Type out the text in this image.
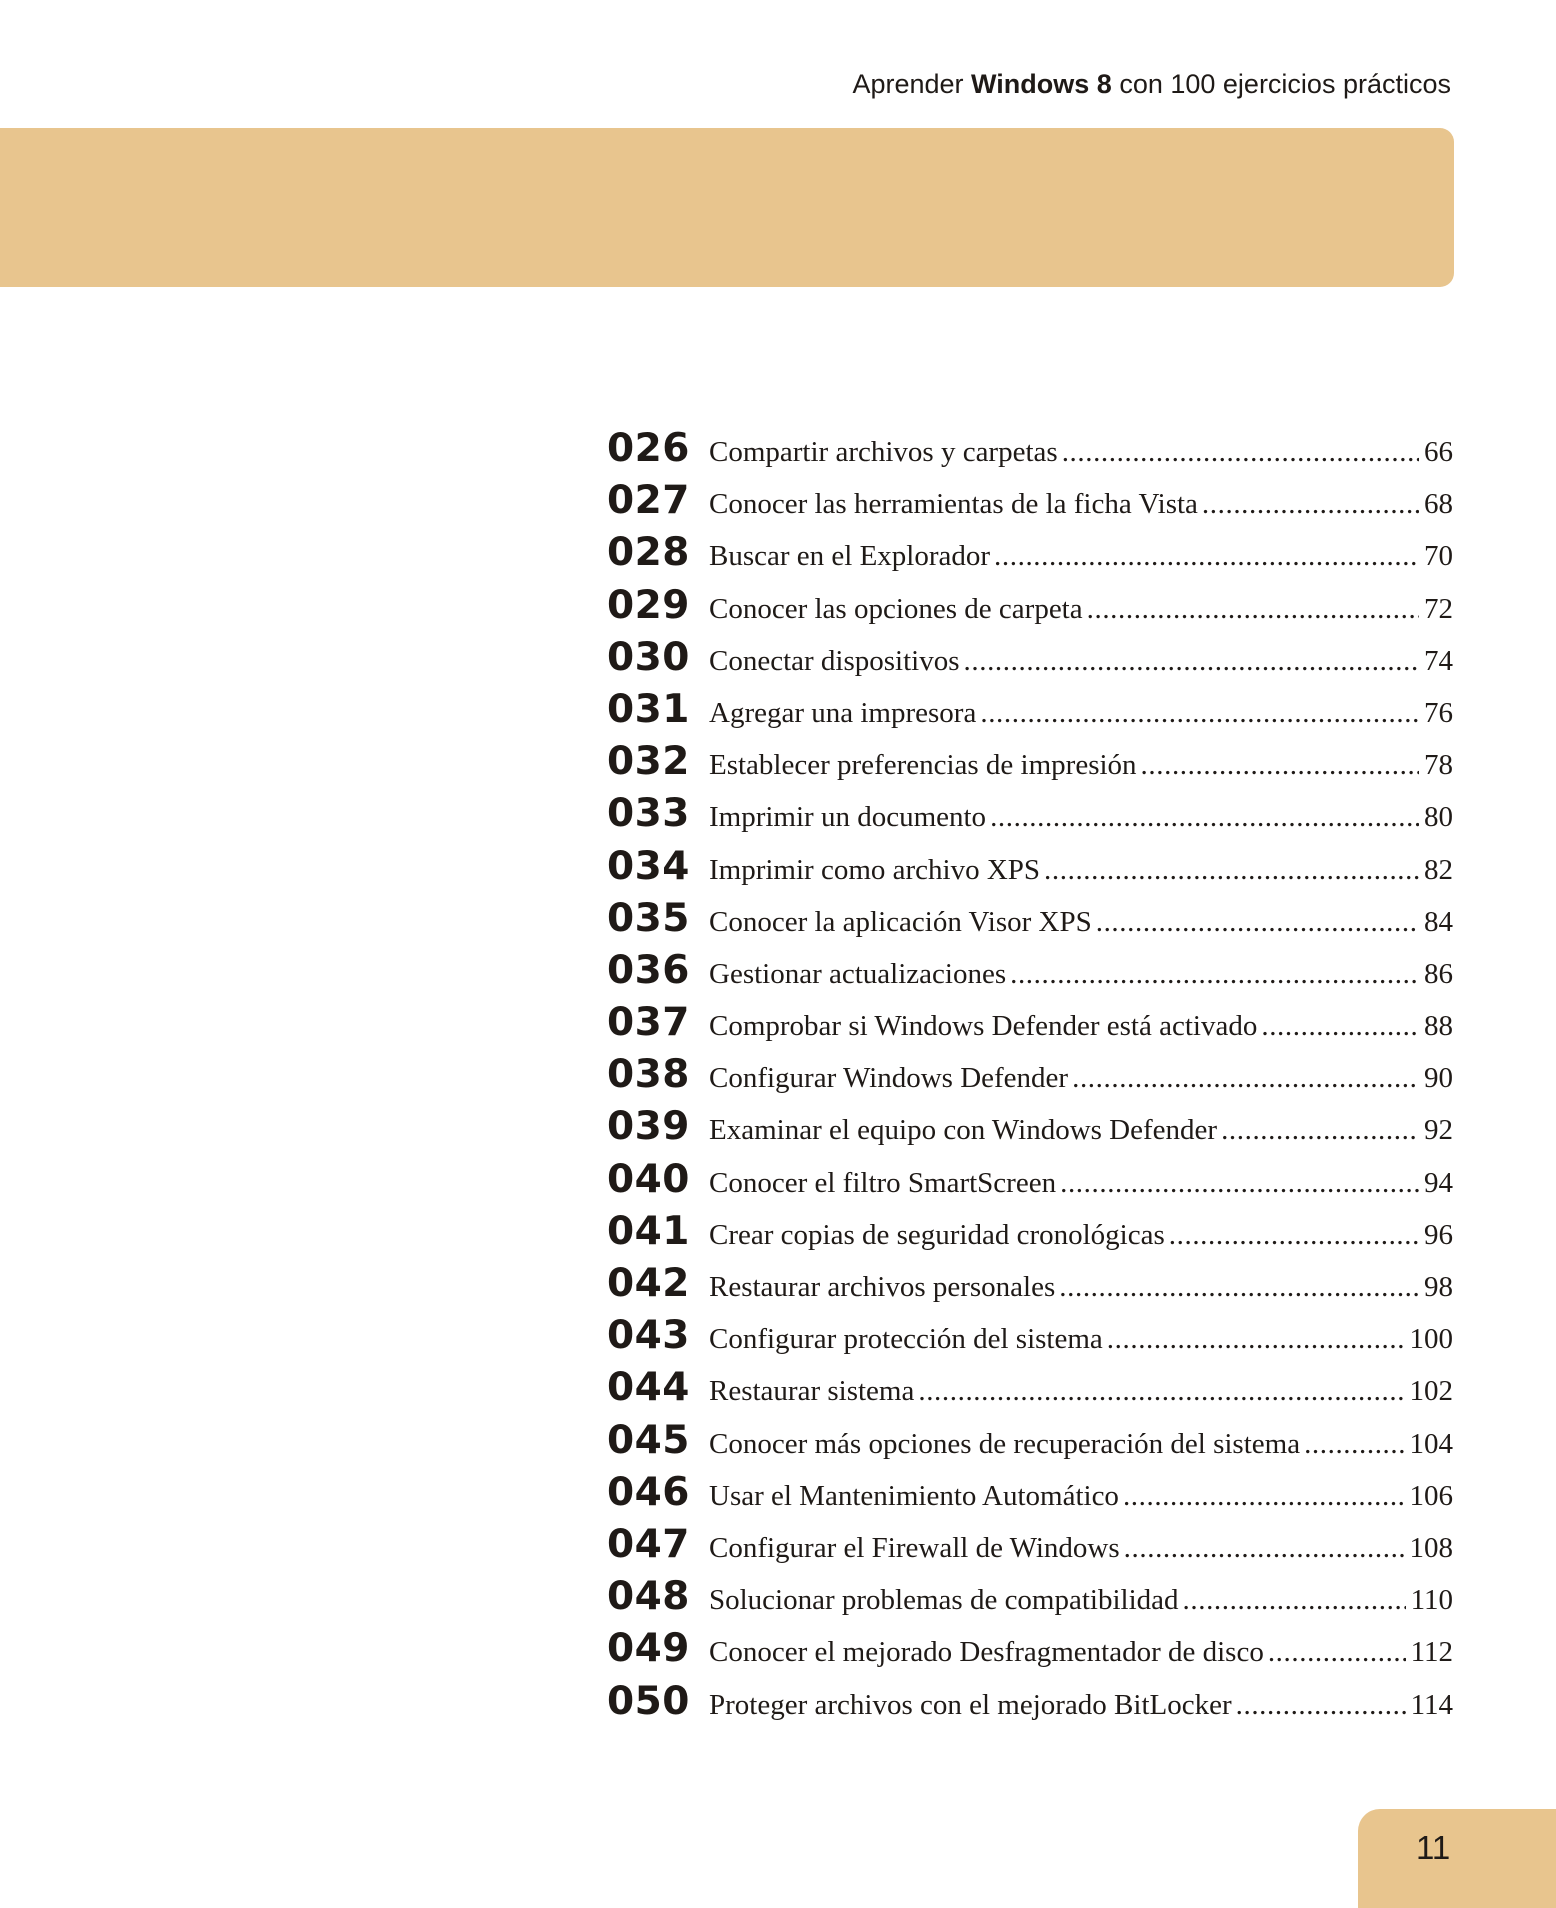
Aprender Windows 8 con 100 ejercicios prácticos
026 Compartir archivos y carpetas .....	66
027 Conocer las herramientas de la ficha Vista .....	68
028 Buscar en el Explorador .....	70
029 Conocer las opciones de carpeta .....	72
030 Conectar dispositivos .....	74
031 Agregar una impresora .....	76
032 Establecer preferencias de impresión .....	78
033 Imprimir un documento .....	80
034 Imprimir como archivo XPS .....	82
035 Conocer la aplicación Visor XPS .....	84
036 Gestionar actualizaciones .....	86
037 Comprobar si Windows Defender está activado .....	88
038 Configurar Windows Defender .....	90
039 Examinar el equipo con Windows Defender .....	92
040 Conocer el filtro SmartScreen .....	94
041 Crear copias de seguridad cronológicas .....	96
042 Restaurar archivos personales .....	98
043 Configurar protección del sistema .....	100
044 Restaurar sistema .....	102
045 Conocer más opciones de recuperación del sistema .....	104
046 Usar el Mantenimiento Automático .....	106
047 Configurar el Firewall de Windows .....	108
048 Solucionar problemas de compatibilidad .....	110
049 Conocer el mejorado Desfragmentador de disco .....	112
050 Proteger archivos con el mejorado BitLocker .....	114
11
